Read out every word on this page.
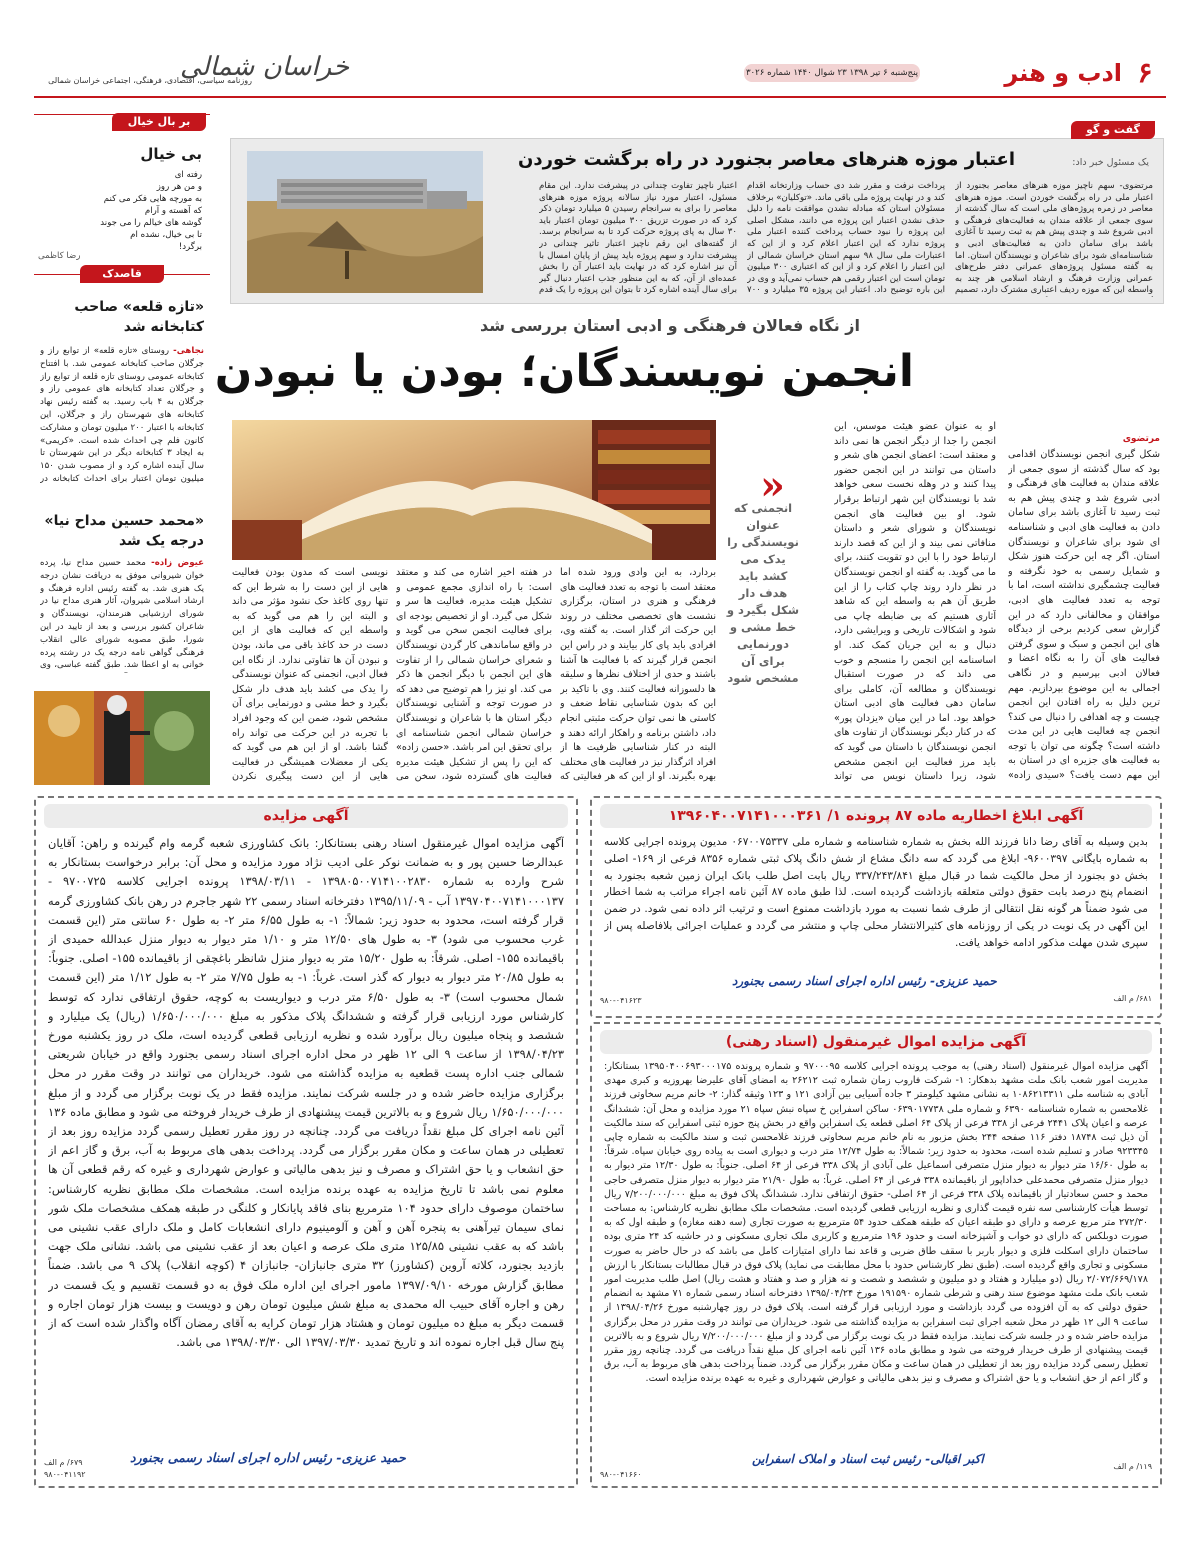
۶
ادب و هنر
پنج‌شنبه ۶ تیر ۱۳۹۸ ۲۳ شوال ۱۴۴۰ شماره ۳۰۲۶
خراسان شمالی
روزنامه سیاسی، اقتصادی، فرهنگی، اجتماعی خراسان شمالی
گفت و گو
یک مسئول خبر داد:
اعتبار موزه هنرهای معاصر بجنورد در راه برگشت خوردن
مرتضوی- سهم ناچیز موزه هنرهای معاصر بجنورد از اعتبار ملی در راه برگشت خوردن است. موزه هنرهای معاصر در زمره پروژه‌های ملی است که سال گذشته از سوی جمعی از علاقه مندان به فعالیت‌های فرهنگی و ادبی شروع شد و چندی پیش هم به ثبت رسید تا آغازی باشد برای سامان دادن به فعالیت‌های ادبی و شناسنامه‌ای شود برای شاعران و نویسندگان استان. اما به گفته مسئول پروژه‌های عمرانی دفتر طرح‌های عمرانی وزارت فرهنگ و ارشاد اسلامی هر چند به واسطه این که موزه ردیف اعتباری مشترک دارد، تصمیم
پرداخت نرفت و مقرر شد دی حساب وزارتخانه اقدام کند و در نهایت پروژه ملی باقی ماند. «توکلیان» برخلاف مسئولان استان که مبادله نشدن موافقت نامه را دلیل حذف نشدن اعتبار این پروژه می دانند، مشکل اصلی این پروژه را نبود حساب پرداخت کننده اعتبار ملی پروژه ندارد که این اعتبار اعلام کرد و از این که اعتبارات ملی سال ۹۸ سهم استان خراسان شمالی از این اعتبار را اعلام کرد و از این که اعتباری ۳۰۰ میلیون تومان است این اعتبار رقمی هم حساب نمی‌آید و وی در این باره توضیح داد. اعتبار این پروژه ۳۵ میلیارد و ۷۰۰
اعتبار ناچیز تفاوت چندانی در پیشرفت ندارد. این مقام مسئول، اعتبار مورد نیاز سالانه پروژه موزه هنرهای معاصر را برای به سرانجام رسیدن ۵ میلیارد تومان ذکر کرد که در صورت تزریق ۳۰۰ میلیون تومان اعتبار باید ۳۰ سال به پای پروژه حرکت کرد تا به سرانجام برسد. از گفته‌های این رقم ناچیز اعتبار تاثیر چندانی در پیشرفت ندارد و سهم پروژه باید پیش از پایان امسال با آن نیز اشاره کرد که در نهایت باید اعتبار آن را بخش عمده‌ای از آن، که به این منظور جذب اعتبار دنبال گیر برای سال آینده اشاره کرد تا بتوان این پروژه را یک قدم
بر بال خیال
بی خیال
رفته ای
و من هر روز
به مورچه هایی فکر می کنم
که آهسته و آرام
گوشه های خیالم را می جوند
تا بی خیال، نشده ام
برگرد!
رضا کاظمی
قاصدک
«تازه قلعه» صاحب کتابخانه شد
نجاهی- روستای «تازه قلعه» از توابع راز و جرگلان صاحب کتابخانه عمومی شد. با افتتاح کتابخانه عمومی روستای تازه قلعه از توابع راز و جرگلان تعداد کتابخانه های عمومی راز و جرگلان به ۴ باب رسید. به گفته رئیس نهاد کتابخانه های شهرستان راز و جرگلان، این کتابخانه با اعتبار ۲۰۰ میلیون تومان و مشارکت کانون فلم چی احداث شده است. «کریمی» به ایجاد ۳ کتابخانه دیگر در این شهرستان تا سال آینده اشاره کرد و از مصوب شدن ۱۵۰ میلیون تومان اعتبار برای احداث کتابخانه در
«محمد حسین مداح نیا» درجه یک شد
عیوض زاده- محمد حسین مداح نیا، پرده خوان شیروانی موفق به دریافت نشان درجه یک هنری شد. به گفته رئیس اداره فرهنگ و ارشاد اسلامی شیروان، آثار هنری مداح نیا در شورای ارزشیابی هنرمندان، نویسندگان و شاعران کشور بررسی و بعد از تایید در این شورا، طبق مصوبه شورای عالی انقلاب فرهنگی گواهی نامه درجه یک در رشته پرده خوانی به او اعطا شد. طبق گفته عباسی، وی
از نگاه فعالان فرهنگی و ادبی استان بررسی شد
انجمن نویسندگان؛ بودن یا نبودن
مرتضوی
شکل گیری انجمن نویسندگان اقدامی بود که سال گذشته از سوی جمعی از علاقه مندان به فعالیت های فرهنگی و ادبی شروع شد و چندی پیش هم به ثبت رسید تا آغازی باشد برای سامان دادن به فعالیت های ادبی و شناسنامه ای شود برای شاعران و نویسندگان استان. اگر چه این حرکت هنوز شکل و شمایل رسمی به خود نگرفته و فعالیت چشمگیری نداشته است، اما با توجه به تعدد فعالیت های ادبی، موافقان و مخالفانی دارد که در این گزارش سعی کردیم برخی از دیدگاه های این انجمن و سبک و سوی گرفتن فعالیت های آن را به نگاه اعضا و فعالان ادبی بپرسیم و در نگاهی اجمالی به این موضوع بپردازیم. مهم ترین دلیل به راه افتادن این انجمن چیست و چه اهدافی را دنبال می کند؟ انجمن چه فعالیت هایی در این مدت داشته است؟ چگونه می توان با توجه به فعالیت های جزیره ای در استان به این مهم دست یافت؟ «سیدی زاده»
او به عنوان عضو هیئت موسس، این انجمن را جدا از دیگر انجمن ها نمی داند و معتقد است: اعضای انجمن های شعر و داستان می توانند در این انجمن حضور پیدا کنند و در وهله نخست سعی خواهد شد با نویسندگان این شهر ارتباط برقرار شود. او بین فعالیت های انجمن نویسندگان و شورای شعر و داستان منافاتی نمی بیند و از این که قصد دارند ارتباط خود را با این دو تقویت کنند، برای ما می گوید. به گفته او انجمن نویسندگان در نظر دارد روند چاپ کتاب را از این طریق آن هم به واسطه این که شاهد آثاری هستیم که بی ضابطه چاپ می شود و اشکالات تاریخی و ویرایشی دارد، دنبال و به این جریان کمک کند. او اساسنامه این انجمن را منسجم و خوب می داند که در صورت استقبال نویسندگان و مطالعه آن، کاملی برای سامان دهی فعالیت های ادبی استان خواهد بود. اما در این میان «یزدان پور» که در کنار دیگر نویسندگان از تفاوت های انجمن نویسندگان با داستان می گوید که باید مرز فعالیت این انجمن مشخص شود، زیرا داستان نویس می تواند
«
انجمنی که عنوان نویسندگی را یدک می کشد باید هدف دار شکل بگیرد و خط مشی و دورنمایی برای آن مشخص شود
بردارد، به این وادی ورود شده اما معتقد است با توجه به تعدد فعالیت های فرهنگی و هنری در استان، برگزاری نشست های تخصصی مختلف در روند این حرکت اثر گذار است. به گفته وی، افرادی باید پای کار بیایند و در راس این انجمن قرار گیرند که با فعالیت ها آشنا باشند و حدی از اختلاف نظرها و سلیقه ها دلسوزانه فعالیت کنند. وی با تاکید بر این که بدون شناسایی نقاط ضعف و کاستی ها نمی توان حرکت مثبتی انجام داد، داشتن برنامه و راهکار ارائه دهند و البته در کنار شناسایی ظرفیت ها از افراد اثرگذار نیز در فعالیت های مختلف بهره بگیرند. او از این که هر فعالیتی که
در هفته اخیر اشاره می کند و معتقد است: با راه اندازی مجمع عمومی و تشکیل هیئت مدیره، فعالیت ها سر و شکل می گیرد. او از تخصیص بودجه ای برای فعالیت انجمن سخن می گوید و در واقع ساماندهی کار گردن نویسندگان و شعرای خراسان شمالی را از تفاوت های این انجمن با دیگر انجمن ها ذکر می کند. او نیز را هم توضیح می دهد که در صورت توجه و آشنایی نویسندگان دیگر استان ها با شاعران و نویسندگان خراسان شمالی انجمن شناسنامه ای برای تحقق این امر باشد. «حسن زاده» که این را پس از تشکیل هیئت مدیره فعالیت های گسترده شود، سخن می
نویسی است که مدون بودن فعالیت هایی از این دست را به شرط این که تنها روی کاغذ حک نشود مؤثر می داند و البته این را هم می گوید که به واسطه این که فعالیت های از این دست در حد کاغذ باقی می ماند، بودن و نبودن آن ها تفاوتی ندارد. از نگاه این فعال ادبی، انجمنی که عنوان نویسندگی را یدک می کشد باید هدف دار شکل بگیرد و خط مشی و دورنمایی برای آن مشخص شود، ضمن این که وجود افراد با تجربه در این حرکت می تواند راه گشا باشد. او از این هم می گوید که یکی از معضلات همیشگی در فعالیت هایی از این دست پیگیری نکردن
آگهی ابلاغ اخطاریه ماده ۸۷ پرونده ۱/ ۱۳۹۶۰۴۰۰۷۱۴۱۰۰۰۳۶۱
بدین وسیله به آقای رضا دانا فرزند الله بخش به شماره شناسنامه و شماره ملی ۰۶۷۰۰۷۵۳۳۷ مدیون پرونده اجرایی کلاسه به شماره بایگانی ۹۶۰۰۳۹۷- ابلاغ می گردد که سه دانگ مشاع از شش دانگ پلاک ثبتی شماره ۸۳۵۶ فرعی از ۱۶۹- اصلی بخش دو بجنورد از محل مالکیت شما در قبال مبلغ ۳۳۷/۲۴۳/۸۴۱ ریال بابت اصل طلب بانک ایران زمین شعبه بجنورد به انضمام پنج درصد بابت حقوق دولتی متعلقه بازداشت گردیده است. لذا طبق ماده ۸۷ آئین نامه اجراء مراتب به شما اخطار می شود ضمناً هر گونه نقل انتقالی از طرف شما نسبت به مورد بازداشت ممنوع است و ترتیب اثر داده نمی شود. در ضمن این آگهی در یک نوبت در یکی از روزنامه های کثیرالانتشار محلی چاپ و منتشر می گردد و عملیات اجرائی بلافاصله پس از سپری شدن مهلت مذکور ادامه خواهد یافت.
حمید عزیزی- رئیس اداره اجرای اسناد رسمی بجنورد
۶۸۱/ م الف
۹۸۰-۰۴۱۶۲۳
آگهی مزایده اموال غیرمنقول (اسناد رهنی)
آگهی مزایده اموال غیرمنقول (اسناد رهنی) به موجب پرونده اجرایی کلاسه ۹۷۰۰۰۹۵ و شماره پرونده ۱۳۹۵۰۴۰۰۶۹۳۰۰۰۱۷۵ بستانکار: مدیریت امور شعب بانک ملت مشهد بدهکار: ۱- شرکت فاروب زمان شماره ثبت ۲۶۲۱۲ به امضای آقای علیرضا بهروزیه و کبری مهدی آبادی به شناسه ملی ۱۰۸۶۲۱۳۳۱۱ به نشانی مشهد کیلومتر ۳ جاده آسیایی بین آزادی ۱۲۱ و ۱۲۳ وثیقه گذار: ۲- خانم مریم سخاوتی فرزند غلامحسن به شماره شناسنامه ۶۳۹۰ و شماره ملی ۰۶۳۹۰۱۷۷۳۸ ساکن اسفراین خ سپاه نبش سپاه ۲۱ مورد مزایده و محل آن: ششدانگ عرصه و اعیان پلاک ۲۴۴۱ فرعی از ۳۳۸ فرعی از پلاک ۶۴ اصلی قطعه یک اسفراین واقع در بخش پنج حوزه ثبتی اسفراین که سند مالکیت آن ذیل ثبت ۱۸۷۴۸ دفتر ۱۱۶ صفحه ۲۴۴ بخش مزبور به نام خانم مریم سخاوتی فرزند غلامحسن ثبت و سند مالکیت به شماره چاپی ۹۲۳۳۴۵ صادر و تسلیم شده است، محدود به حدود زیر: شمالاً: به طول ۱۲/۷۴ متر درب و دیواری است به پیاده روی خیابان سپاه. شرقاً: به طول ۱۶/۶۰ متر دیوار به دیوار منزل متصرفی اسماعیل علی آبادی از پلاک ۳۳۸ فرعی از ۶۴ اصلی. جنوباً: به طول ۱۲/۳۰ متر دیوار به دیوار منزل متصرفی محمدعلی خداداپور از باقیمانده ۳۳۸ فرعی از ۶۴ اصلی. غرباً: به طول ۲۱/۹۰ متر دیوار به دیوار منزل متصرفی حاجی محمد و حسن سعادتیار از باقیمانده پلاک ۳۳۸ فرعی از ۶۴ اصلی- حقوق ارتفاقی ندارد. ششدانگ پلاک فوق به مبلغ ۷/۲۰۰/۰۰۰/۰۰۰ ریال توسط هیأت کارشناسی سه نفره قیمت گذاری و نظریه ارزیابی قطعی گردیده است. مشخصات ملک مطابق نظریه کارشناس: به مساحت ۲۷۲/۳۰ متر مربع عرصه و دارای دو طبقه اعیان که طبقه همکف حدود ۵۴ مترمربع به صورت تجاری (سه دهنه مغازه) و طبقه اول که به صورت دوبلکس که دارای دو خواب و آشپزخانه است و حدود ۱۹۶ مترمربع و کاربری ملک تجاری مسکونی و در حاشیه کد ۲۴ متری بوده ساختمان دارای اسکلت فلزی و دیوار باربر با سقف طاق ضربی و قاعد نما دارای امتیازات کامل می باشد که در حال حاضر به صورت مسکونی و تجاری واقع گردیده است. (طبق نظر کارشناس حدود با محل مطابقت می نماید) پلاک فوق در قبال مطالبات بستانکار با ارزش ۲/۰۷۲/۶۶۹/۱۷۸ ریال (دو میلیارد و هفتاد و دو میلیون و ششصد و شصت و نه هزار و صد و هفتاد و هشت ریال) اصل طلب مدیریت امور شعب بانک ملت مشهد موضوع سند رهنی و شرطی شماره ۱۹۱۵۹۰ مورخ ۱۳۹۵/۰۴/۲۴ دفترخانه اسناد رسمی شماره ۷۱ مشهد به انضمام حقوق دولتی که به آن افزوده می گردد بازداشت و مورد ارزیابی قرار گرفته است. پلاک فوق در روز چهارشنبه مورخ ۱۳۹۸/۰۴/۲۶ از ساعت ۹ الی ۱۲ ظهر در محل شعبه اجرای ثبت اسفراین به مزایده گذاشته می شود. خریداران می توانند در وقت مقرر در محل برگزاری مزایده حاضر شده و در جلسه شرکت نمایند. مزایده فقط در یک نوبت برگزار می گردد و از مبلغ ۷/۲۰۰/۰۰۰/۰۰۰ ریال شروع و به بالاترین قیمت پیشنهادی از طرف خریدار فروخته می شود و مطابق ماده ۱۳۶ آئین نامه اجرای کل مبلغ نقداً دریافت می گردد. چنانچه روز مقرر تعطیل رسمی گردد مزایده روز بعد از تعطیلی در همان ساعت و مکان مقرر برگزار می گردد. ضمناً پرداخت بدهی های مربوط به آب، برق و گاز اعم از حق انشعاب و یا حق اشتراک و مصرف و نیز بدهی مالیاتی و عوارض شهرداری و غیره به عهده برنده مزایده است.
اکبر اقبالی- رئیس ثبت اسناد و املاک اسفراین
۱۱۹/ م الف
۹۸۰-۰۴۱۶۶۰
آگهی مزایده
آگهی مزایده اموال غیرمنقول اسناد رهنی بستانکار: بانک کشاورزی شعبه گرمه وام گیرنده و راهن: آقایان عبدالرضا حسین پور و به ضمانت نوکر علی ادیب نژاد مورد مزایده و محل آن: برابر درخواست بستانکار به شرح وارده به شماره ۱۳۹۸۰۵۰۰۷۱۴۱۰۰۲۸۳۰ - ۱۳۹۸/۰۳/۱۱ پرونده اجرایی کلاسه ۹۷۰۰۷۲۵ - ۱۳۹۷۰۴۰۰۷۱۴۱۰۰۰۱۳۷ آب - ۱۳۹۵/۱۱/۰۹ دفترخانه اسناد رسمی ۲۲ شهر جاجرم در رهن بانک کشاورزی گرمه قرار گرفته است، محدود به حدود زیر: شمالاً: ۱- به طول ۶/۵۵ متر ۲- به طول ۶۰ سانتی متر (این قسمت غرب محسوب می شود) ۳- به طول های ۱۲/۵۰ متر و ۱/۱۰ متر دیوار به دیوار منزل عبدالله حمیدی از باقیمانده ۱۵۵- اصلی. شرقاً: به طول ۱۵/۲۰ متر به دیوار منزل شانظر باغچقی از باقیمانده ۱۵۵- اصلی. جنوباً: به طول ۲۰/۸۵ متر دیوار به دیوار که گذر است. غرباً: ۱- به طول ۷/۷۵ متر ۲- به طول ۱/۱۲ متر (این قسمت شمال محسوب است) ۳- به طول ۶/۵۰ متر درب و دیواریست به کوچه، حقوق ارتفاقی ندارد که توسط کارشناس مورد ارزیابی قرار گرفته و ششدانگ پلاک مذکور به مبلغ ۱/۶۵۰/۰۰۰/۰۰۰ (ریال) یک میلیارد و ششصد و پنجاه میلیون ریال برآورد شده و نظریه ارزیابی قطعی گردیده است، ملک در روز یکشنبه مورخ ۱۳۹۸/۰۴/۲۳ از ساعت ۹ الی ۱۲ ظهر در محل اداره اجرای اسناد رسمی بجنورد واقع در خیابان شریعتی شمالی جنب اداره پست قطعیه به مزایده گذاشته می شود. خریداران می توانند در وقت مقرر در محل برگزاری مزایده حاضر شده و در جلسه شرکت نمایند. مزایده فقط در یک نوبت برگزار می گردد و از مبلغ ۱/۶۵۰/۰۰۰/۰۰۰ ریال شروع و به بالاترین قیمت پیشنهادی از طرف خریدار فروخته می شود و مطابق ماده ۱۳۶ آئین نامه اجرای کل مبلغ نقداً دریافت می گردد. چنانچه در روز مقرر تعطیل رسمی گردد مزایده روز بعد از تعطیلی در همان ساعت و مکان مقرر برگزار می گردد. پرداخت بدهی های مربوط به آب، برق و گاز اعم از حق انشعاب و یا حق اشتراک و مصرف و نیز بدهی مالیاتی و عوارض شهرداری و غیره که رقم قطعی آن ها معلوم نمی باشد تا تاریخ مزایده به عهده برنده مزایده است. مشخصات ملک مطابق نظریه کارشناس: ساختمان موصوف دارای حدود ۱۰۴ مترمربع بنای فاقد پایانکار و کلنگی در طبقه همکف مشخصات ملک شور نمای سیمان تیرآهنی به پنجره آهن و آهن و آلومینیوم دارای انشعابات کامل و ملک دارای عقب نشینی می باشد که به عقب نشینی ۱۲۵/۸۵ متری ملک عرصه و اعیان بعد از عقب نشینی می باشد. نشانی ملک جهت بازدید بجنورد، کلاته آروین (کشاورز) ۳۲ متری جانبازان- جانبازان ۴ (کوچه انقلاب) پلاک ۹ می باشد. ضمناً مطابق گزارش مورخه ۱۳۹۷/۰۹/۱۰ مامور اجرای این اداره ملک فوق به دو قسمت تقسیم و یک قسمت در رهن و اجاره آقای حبیب اله محمدی به مبلغ شش میلیون تومان رهن و دویست و بیست هزار تومان اجاره و قسمت دیگر به مبلغ ده میلیون تومان و هشتاد هزار تومان کرایه به آقای رمضان آگاه واگذار شده است که از پنج سال قبل اجاره نموده اند و تاریخ تمدید ۱۳۹۷/۰۳/۳۰ الی ۱۳۹۸/۰۳/۳۰ می باشد.
حمید عزیزی- رئیس اداره اجرای اسناد رسمی بجنورد
۶۷۹/ م الف
۹۸۰-۰۴۱۱۹۲
